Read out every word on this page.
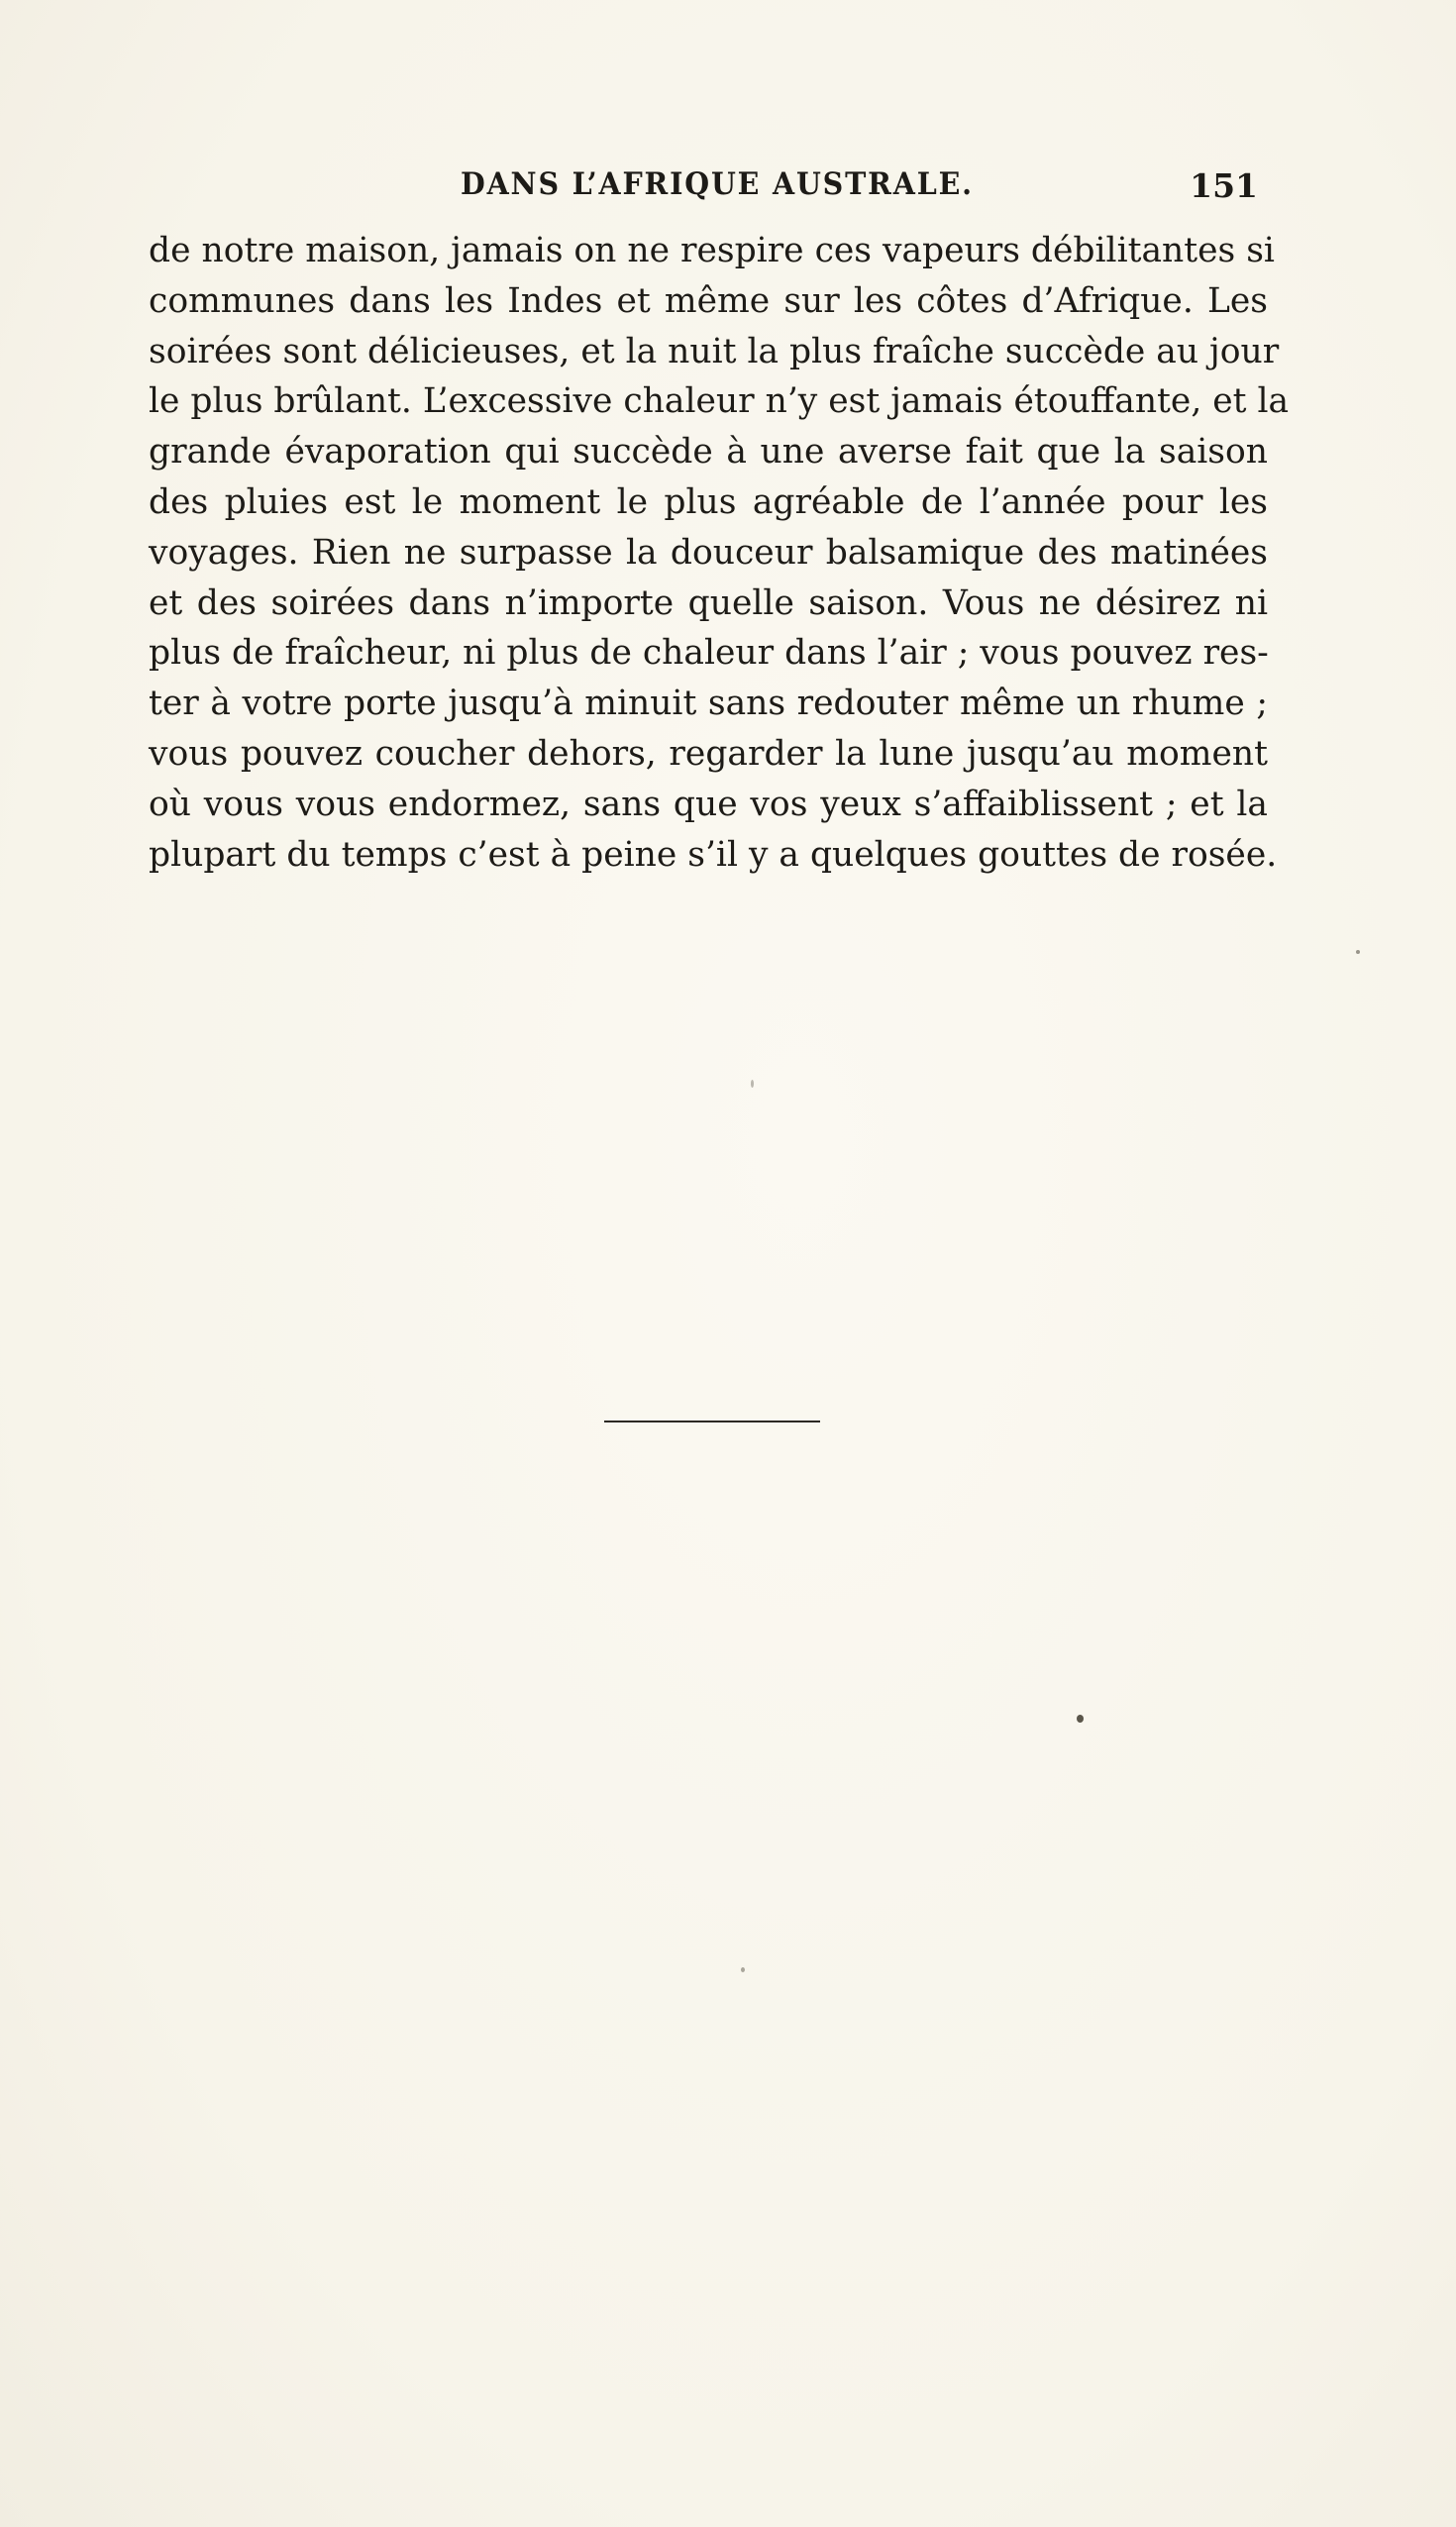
DANS L’AFRIQUE AUSTRALE.	151
de notre maison, jamais on ne respire ces vapeurs débilitantes si
communes dans les Indes et même sur les côtes d’Afrique. Les
soirées sont délicieuses, et la nuit la plus fraîche succède au jour
le plus brûlant. L’excessive chaleur n’y est jamais étouffante, et la
grande évaporation qui succède à une averse fait que la saison
des pluies est le moment le plus agréable de l’année pour les
voyages. Rien ne surpasse la douceur balsamique des matinées
et des soirées dans n’importe quelle saison. Vous ne désirez ni
plus de fraîcheur, ni plus de chaleur dans l’air ; vous pouvez res-
ter à votre porte jusqu’à minuit sans redouter même un rhume ;
vous pouvez coucher dehors, regarder la lune jusqu’au moment
où vous vous endormez, sans que vos yeux s’affaiblissent ; et la
plupart du temps c’est à peine s’il y a quelques gouttes de rosée.
